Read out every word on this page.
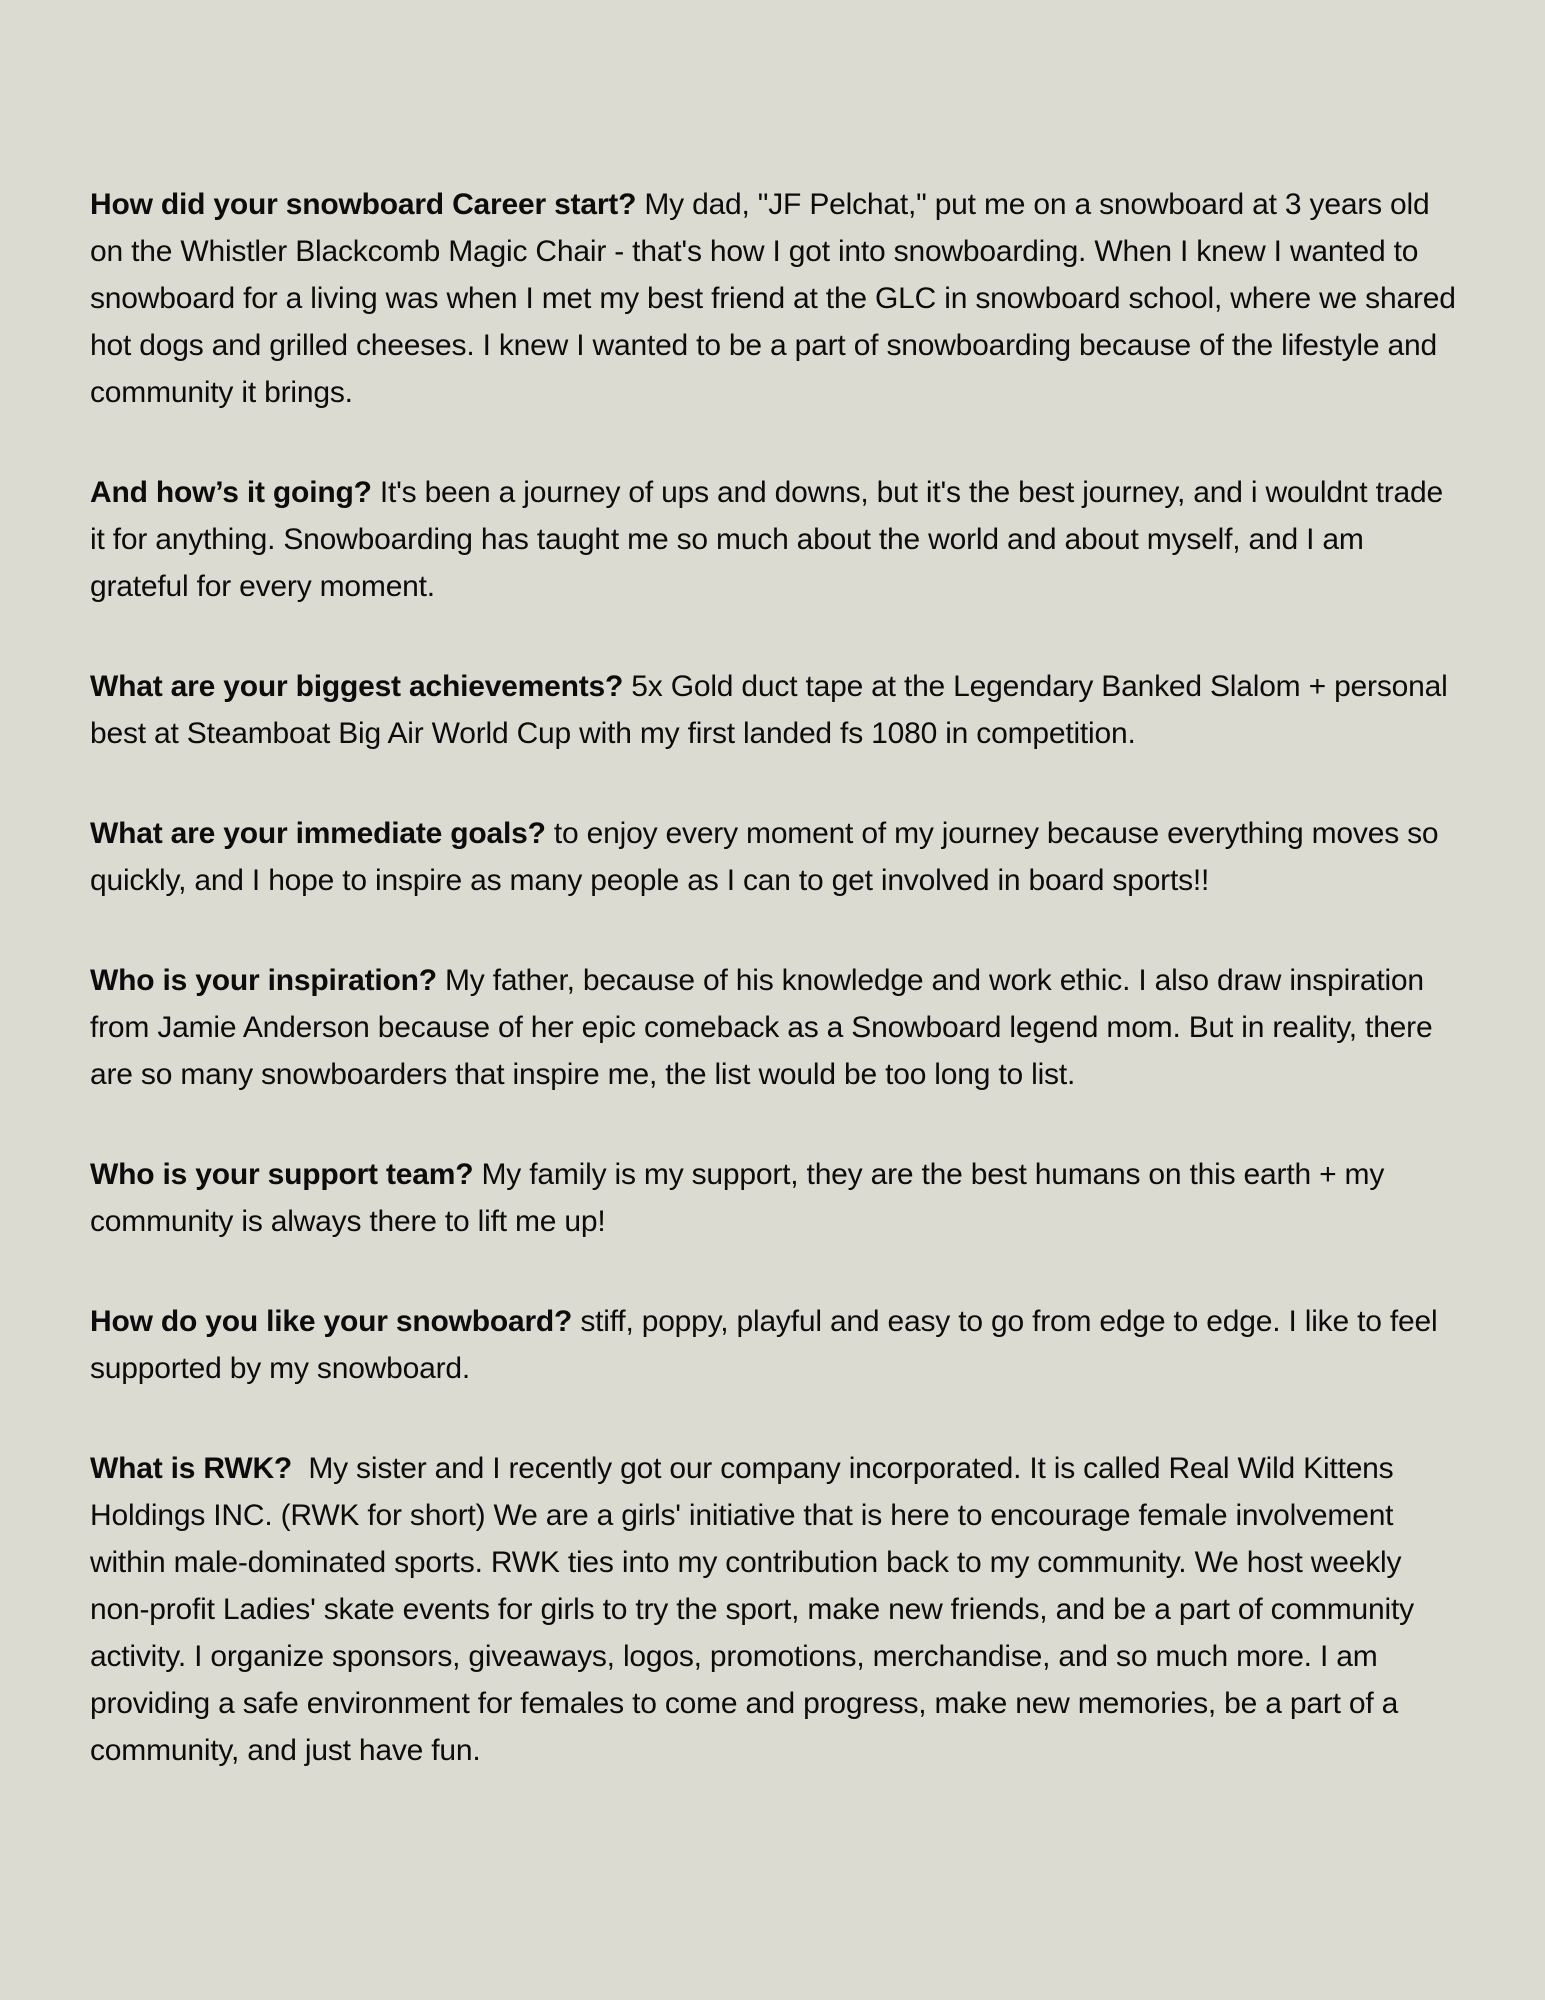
How did your snowboard Career start? My dad, "JF Pelchat," put me on a snowboard at 3 years old on the Whistler Blackcomb Magic Chair - that's how I got into snowboarding. When I knew I wanted to snowboard for a living was when I met my best friend at the GLC in snowboard school, where we shared hot dogs and grilled cheeses. I knew I wanted to be a part of snowboarding because of the lifestyle and community it brings.

And how’s it going? It's been a journey of ups and downs, but it's the best journey, and i wouldnt trade it for anything. Snowboarding has taught me so much about the world and about myself, and I am grateful for every moment.

What are your biggest achievements? 5x Gold duct tape at the Legendary Banked Slalom + personal best at Steamboat Big Air World Cup with my first landed fs 1080 in competition.

What are your immediate goals? to enjoy every moment of my journey because everything moves so quickly, and I hope to inspire as many people as I can to get involved in board sports!!

Who is your inspiration? My father, because of his knowledge and work ethic. I also draw inspiration from Jamie Anderson because of her epic comeback as a Snowboard legend mom. But in reality, there are so many snowboarders that inspire me, the list would be too long to list.

Who is your support team? My family is my support, they are the best humans on this earth + my community is always there to lift me up!

How do you like your snowboard? stiff, poppy, playful and easy to go from edge to edge. I like to feel supported by my snowboard.

What is RWK?  My sister and I recently got our company incorporated. It is called Real Wild Kittens Holdings INC. (RWK for short) We are a girls' initiative that is here to encourage female involvement within male-dominated sports. RWK ties into my contribution back to my community. We host weekly non-profit Ladies' skate events for girls to try the sport, make new friends, and be a part of community activity. I organize sponsors, giveaways, logos, promotions, merchandise, and so much more. I am providing a safe environment for females to come and progress, make new memories, be a part of a community, and just have fun.
